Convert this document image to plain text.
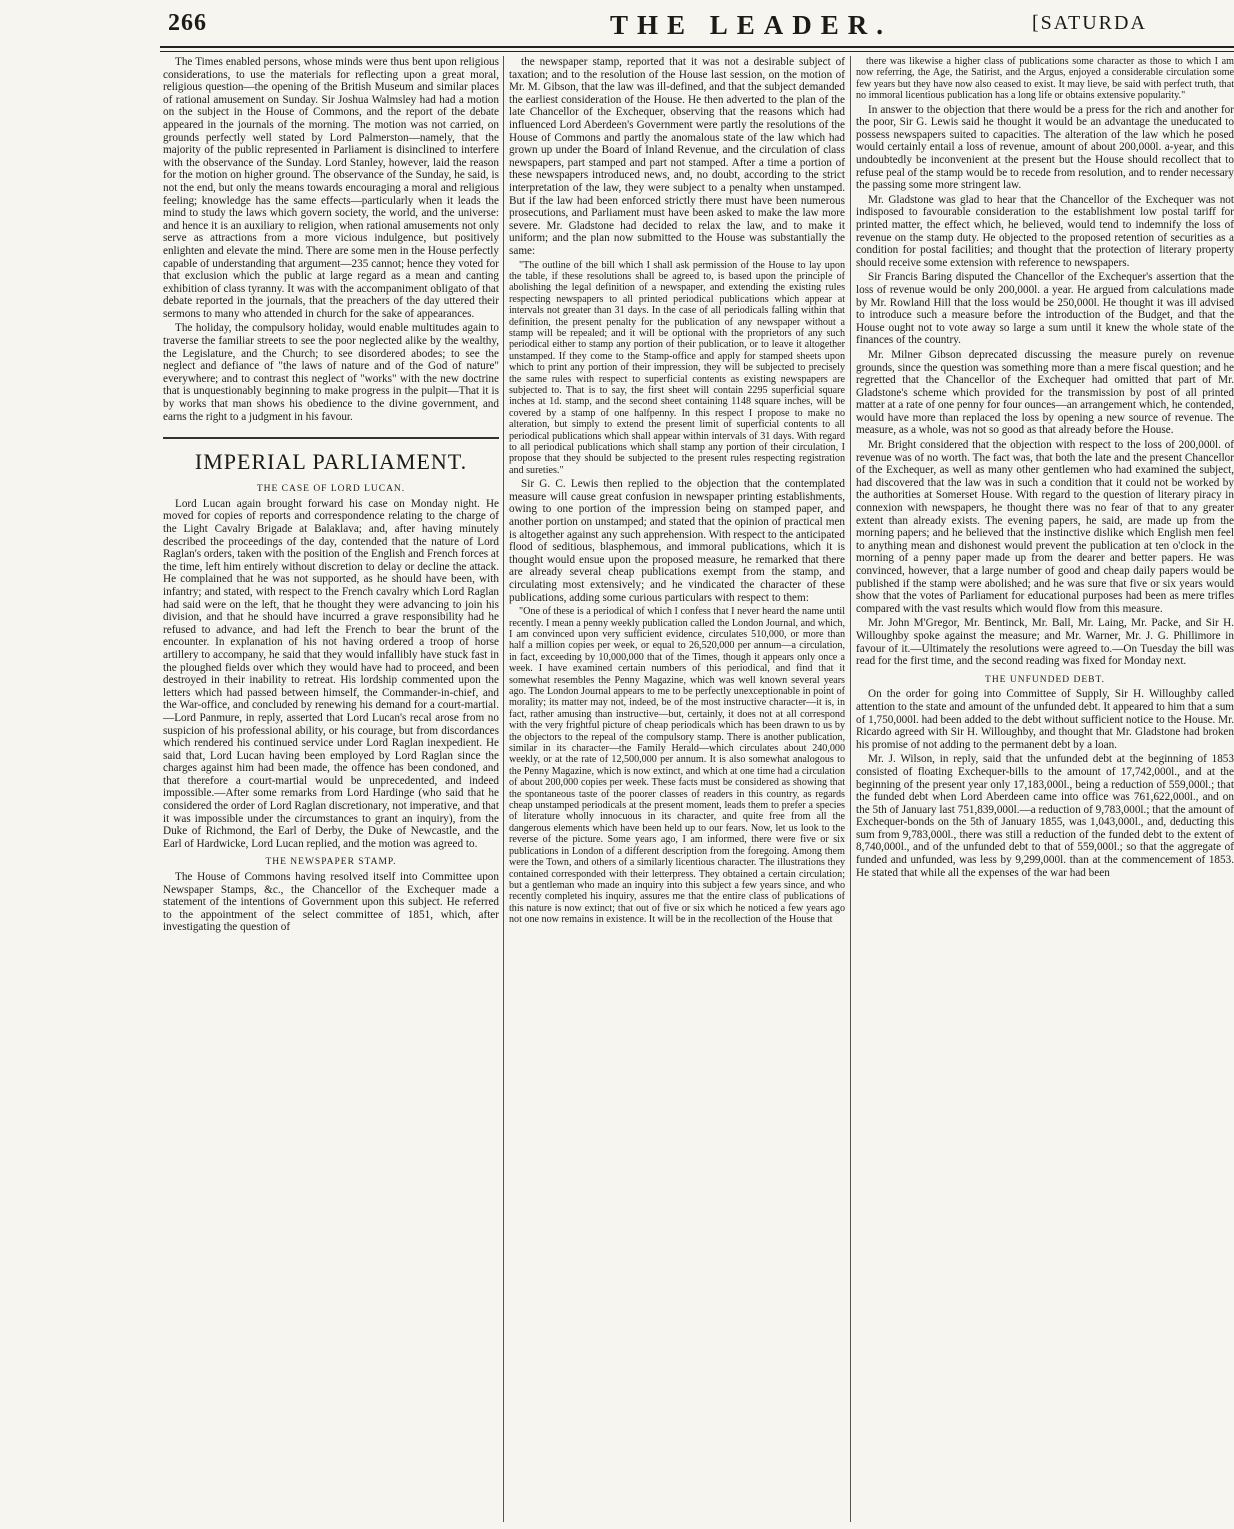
266	THE LEADER.	[SATURDA

The Times enabled persons, whose minds were thus bent upon religious considerations, to use the materials for reflecting upon a great moral, religious question—the opening of the British Museum and similar places of rational amusement on Sunday. Sir Joshua Walmsley had had a motion on the subject in the House of Commons, and the report of the debate appeared in the journals of the morning. The motion was not carried, on grounds perfectly well stated by Lord Palmerston—namely, that the majority of the public represented in Parliament is disinclined to interfere with the observance of the Sunday. Lord Stanley, however, laid the reason for the motion on higher ground. The observance of the Sunday, he said, is not the end, but only the means towards encouraging a moral and religious feeling; knowledge has the same effects—particularly when it leads the mind to study the laws which govern society, the world, and the universe: and hence it is an auxiliary to religion, when rational amusements not only serve as attractions from a more vicious indulgence, but positively enlighten and elevate the mind. There are some men in the House perfectly capable of understanding that argument—235 cannot; hence they voted for that exclusion which the public at large regard as a mean and canting exhibition of class tyranny. It was with the accompaniment obligato of that debate reported in the journals, that the preachers of the day uttered their sermons to many who attended in church for the sake of appearances.

The holiday, the compulsory holiday, would enable multitudes again to traverse the familiar streets to see the poor neglected alike by the wealthy, the Legislature, and the Church; to see disordered abodes; to see the neglect and defiance of "the laws of nature and of the God of nature" everywhere; and to contrast this neglect of "works" with the new doctrine that is unquestionably beginning to make progress in the pulpit—That it is by works that man shows his obedience to the divine government, and earns the right to a judgment in his favour.

IMPERIAL PARLIAMENT.
THE CASE OF LORD LUCAN.

Lord Lucan again brought forward his case on Monday night. He moved for copies of reports and correspondence relating to the charge of the Light Cavalry Brigade at Balaklava; and, after having minutely described the proceedings of the day, contended that the nature of Lord Raglan's orders, taken with the position of the English and French forces at the time, left him entirely without discretion to delay or decline the attack. He complained that he was not supported, as he should have been, with infantry; and stated, with respect to the French cavalry which Lord Raglan had said were on the left, that he thought they were advancing to join his division, and that he should have incurred a grave responsibility had he refused to advance, and had left the French to bear the brunt of the encounter. In explanation of his not having ordered a troop of horse artillery to accompany, he said that they would infallibly have stuck fast in the ploughed fields over which they would have had to proceed, and been destroyed in their inability to retreat. His lordship commented upon the letters which had passed between himself, the Commander-in-chief, and the War-office, and concluded by renewing his demand for a court-martial.—Lord Panmure, in reply, asserted that Lord Lucan's recal arose from no suspicion of his professional ability, or his courage, but from discordances which rendered his continued service under Lord Raglan inexpedient. He said that, Lord Lucan having been employed by Lord Raglan since the charges against him had been made, the offence has been condoned, and that therefore a court-martial would be unprecedented, and indeed impossible.—After some remarks from Lord Hardinge (who said that he considered the order of Lord Raglan discretionary, not imperative, and that it was impossible under the circumstances to grant an inquiry), from the Duke of Richmond, the Earl of Derby, the Duke of Newcastle, and the Earl of Hardwicke, Lord Lucan replied, and the motion was agreed to.

THE NEWSPAPER STAMP.

The House of Commons having resolved itself into Committee upon Newspaper Stamps, &c., the Chancellor of the Exchequer made a statement of the intentions of Government upon this subject. He referred to the appointment of the select committee of 1851, which, after investigating the question of

the newspaper stamp, reported that it was not a desirable subject of taxation; and to the resolution of the House last session, on the motion of Mr. M. Gibson, that the law was ill-defined, and that the subject demanded the earliest consideration of the House. He then adverted to the plan of the late Chancellor of the Exchequer, observing that the reasons which had influenced Lord Aberdeen's Government were partly the resolutions of the House of Commons and partly the anomalous state of the law which had grown up under the Board of Inland Revenue, and the circulation of class newspapers, part stamped and part not stamped. After a time a portion of these newspapers introduced news, and, no doubt, according to the strict interpretation of the law, they were subject to a penalty when unstamped. But if the law had been enforced strictly there must have been numerous prosecutions, and Parliament must have been asked to make the law more severe. Mr. Gladstone had decided to relax the law, and to make it uniform; and the plan now submitted to the House was substantially the same:

"The outline of the bill which I shall ask permission of the House to lay upon the table, if these resolutions shall be agreed to, is based upon the principle of abolishing the legal definition of a newspaper, and extending the existing rules respecting newspapers to all printed periodical publications which appear at intervals not greater than 31 days. In the case of all periodicals falling within that definition, the present penalty for the publication of any newspaper without a stamp will be repealed; and it will be optional with the proprietors of any such periodical either to stamp any portion of their publication, or to leave it altogether unstamped. If they come to the Stamp-office and apply for stamped sheets upon which to print any portion of their impression, they will be subjected to precisely the same rules with respect to superficial contents as existing newspapers are subjected to. That is to say, the first sheet will contain 2295 superficial square inches at 1d. stamp, and the second sheet containing 1148 square inches, will be covered by a stamp of one halfpenny. In this respect I propose to make no alteration, but simply to extend the present limit of superficial contents to all periodical publications which shall appear within intervals of 31 days. With regard to all periodical publications which shall stamp any portion of their circulation, I propose that they should be subjected to the present rules respecting registration and sureties."

Sir G. C. Lewis then replied to the objection that the contemplated measure will cause great confusion in newspaper printing establishments, owing to one portion of the impression being on stamped paper, and another portion on unstamped; and stated that the opinion of practical men is altogether against any such apprehension. With respect to the anticipated flood of seditious, blasphemous, and immoral publications, which it is thought would ensue upon the proposed measure, he remarked that there are already several cheap publications exempt from the stamp, and circulating most extensively; and he vindicated the character of these publications, adding some curious particulars with respect to them:

"One of these is a periodical of which I confess that I never heard the name until recently. I mean a penny weekly publication called the London Journal, and which, I am convinced upon very sufficient evidence, circulates 510,000, or more than half a million copies per week, or equal to 26,520,000 per annum—a circulation, in fact, exceeding by 10,000,000 that of the Times, though it appears only once a week. I have examined certain numbers of this periodical, and find that it somewhat resembles the Penny Magazine, which was well known several years ago. The London Journal appears to me to be perfectly unexceptionable in point of morality; its matter may not, indeed, be of the most instructive character—it is, in fact, rather amusing than instructive—but, certainly, it does not at all correspond with the very frightful picture of cheap periodicals which has been drawn to us by the objectors to the repeal of the compulsory stamp. There is another publication, similar in its character—the Family Herald—which circulates about 240,000 weekly, or at the rate of 12,500,000 per annum. It is also somewhat analogous to the Penny Magazine, which is now extinct, and which at one time had a circulation of about 200,000 copies per week. These facts must be considered as showing that the spontaneous taste of the poorer classes of readers in this country, as regards cheap unstamped periodicals at the present moment, leads them to prefer a species of literature wholly innocuous in its character, and quite free from all the dangerous elements which have been held up to our fears. Now, let us look to the reverse of the picture. Some years ago, I am informed, there were five or six publications in London of a different description from the foregoing. Among them were the Town, and others of a similarly licentious character. The illustrations they contained corresponded with their letterpress. They obtained a certain circulation; but a gentleman who made an inquiry into this subject a few years since, and who recently completed his inquiry, assures me that the entire class of publications of this nature is now extinct; that out of five or six which he noticed a few years ago not one now remains in existence. It will be in the recollection of the House that

there was likewise a higher class of publications some character as those to which I am now referring, the Age, the Satirist, and the Argus, enjoyed a considerable circulation some few years but they have now also ceased to exist. It may lieve, be said with perfect truth, that no immoral licentious publication has a long life or obtains extensive popularity."

In answer to the objection that there would be a press for the rich and another for the poor, Sir G. Lewis said he thought it would be an advantage the uneducated to possess newspapers suited to capacities. The alteration of the law which he posed would certainly entail a loss of revenue, amount of about 200,000l. a-year, and this undoubtedly be inconvenient at the present but the House should recollect that to refuse peal of the stamp would be to recede from resolution, and to render necessary the passing some more stringent law.

Mr. Gladstone was glad to hear that the Chancellor of the Exchequer was not indisposed to favourable consideration to the establishment low postal tariff for printed matter, the effect which, he believed, would tend to indemnify the loss of revenue on the stamp duty. He objected to the proposed retention of securities as a condition for postal facilities; and thought that the protection of literary property should receive some extension with reference to newspapers.

Sir Francis Baring disputed the Chancellor of the Exchequer's assertion that the loss of revenue would be only 200,000l. a year. He argued from calculations made by Mr. Rowland Hill that the loss would be 250,000l. He thought it was ill advised to introduce such a measure before the introduction of the Budget, and that the House ought not to vote away so large a sum until it knew the whole state of the finances of the country.

Mr. Milner Gibson deprecated discussing the measure purely on revenue grounds, since the question was something more than a mere fiscal question; and he regretted that the Chancellor of the Exchequer had omitted that part of Mr. Gladstone's scheme which provided for the transmission by post of all printed matter at a rate of one penny for four ounces—an arrangement which, he contended, would have more than replaced the loss by opening a new source of revenue. The measure, as a whole, was not so good as that already before the House.

Mr. Bright considered that the objection with respect to the loss of 200,000l. of revenue was of no worth. The fact was, that both the late and the present Chancellor of the Exchequer, as well as many other gentlemen who had examined the subject, had discovered that the law was in such a condition that it could not be worked by the authorities at Somerset House. With regard to the question of literary piracy in connexion with newspapers, he thought there was no fear of that to any greater extent than already exists. The evening papers, he said, are made up from the morning papers; and he believed that the instinctive dislike which English men feel to anything mean and dishonest would prevent the publication at ten o'clock in the morning of a penny paper made up from the dearer and better papers. He was convinced, however, that a large number of good and cheap daily papers would be published if the stamp were abolished; and he was sure that five or six years would show that the votes of Parliament for educational purposes had been as mere trifles compared with the vast results which would flow from this measure.

Mr. John M'Gregor, Mr. Bentinck, Mr. Ball, Mr. Laing, Mr. Packe, and Sir H. Willoughby spoke against the measure; and Mr. Warner, Mr. J. G. Phillimore in favour of it.—Ultimately the resolutions were agreed to.—On Tuesday the bill was read for the first time, and the second reading was fixed for Monday next.

THE UNFUNDED DEBT.

On the order for going into Committee of Supply, Sir H. Willoughby called attention to the state and amount of the unfunded debt. It appeared to him that a sum of 1,750,000l. had been added to the debt without sufficient notice to the House. Mr. Ricardo agreed with Sir H. Willoughby, and thought that Mr. Gladstone had broken his promise of not adding to the permanent debt by a loan.

Mr. J. Wilson, in reply, said that the unfunded debt at the beginning of 1853 consisted of floating Exchequer-bills to the amount of 17,742,000l., and at the beginning of the present year only 17,183,000l., being a reduction of 559,000l.; that the funded debt when Lord Aberdeen came into office was 761,622,000l., and on the 5th of January last 751,839,000l.—a reduction of 9,783,000l.; that the amount of Exchequer-bonds on the 5th of January 1855, was 1,043,000l., and, deducting this sum from 9,783,000l., there was still a reduction of the funded debt to the extent of 8,740,000l., and of the unfunded debt to that of 559,000l.; so that the aggregate of funded and unfunded, was less by 9,299,000l. than at the commencement of 1853. He stated that while all the expenses of the war had been
